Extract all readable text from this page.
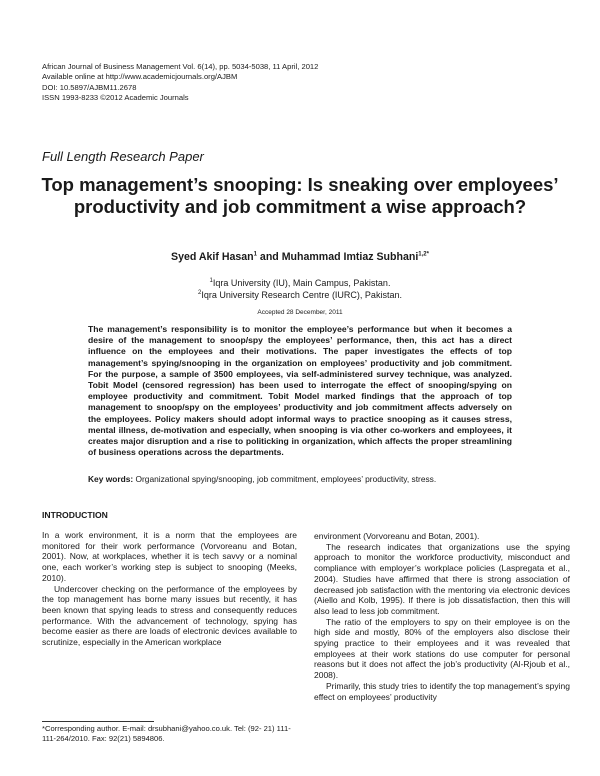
African Journal of Business Management Vol. 6(14), pp. 5034-5038, 11 April, 2012
Available online at http://www.academicjournals.org/AJBM
DOI: 10.5897/AJBM11.2678
ISSN 1993-8233 ©2012 Academic Journals
Full Length Research Paper
Top management’s snooping: Is sneaking over employees’ productivity and job commitment a wise approach?
Syed Akif Hasan$^1$ and Muhammad Imtiaz Subhani$^{1,2*}$
$^1$Iqra University (IU), Main Campus, Pakistan.
$^2$Iqra University Research Centre (IURC), Pakistan.
Accepted 28 December, 2011
The management’s responsibility is to monitor the employee’s performance but when it becomes a desire of the management to snoop/spy the employees’ performance, then, this act has a direct influence on the employees and their motivations. The paper investigates the effects of top management’s spying/snooping in the organization on employees’ productivity and job commitment. For the purpose, a sample of 3500 employees, via self-administered survey technique, was analyzed. Tobit Model (censored regression) has been used to interrogate the effect of snooping/spying on employee productivity and commitment. Tobit Model marked findings that the approach of top management to snoop/spy on the employees’ productivity and job commitment affects adversely on the employees. Policy makers should adopt informal ways to practice snooping as it causes stress, mental illness, de-motivation and especially, when snooping is via other co-workers and employees, it creates major disruption and a rise to politicking in organization, which affects the proper streamlining of business operations across the departments.
Key words: Organizational spying/snooping, job commitment, employees’ productivity, stress.
INTRODUCTION

In a work environment, it is a norm that the employees are monitored for their work performance (Vorvoreanu and Botan, 2001). Now, at workplaces, whether it is tech savvy or a nominal one, each worker’s working step is subject to snooping (Meeks, 2010).

Undercover checking on the performance of the employees by the top management has borne many issues but recently, it has been known that spying leads to stress and consequently reduces performance. With the advancement of technology, spying has become easier as there are loads of electronic devices available to scrutinize, especially in the American workplace

environment (Vorvoreanu and Botan, 2001).

The research indicates that organizations use the spying approach to monitor the workforce productivity, misconduct and compliance with employer’s workplace policies (Laspregata et al., 2004). Studies have affirmed that there is strong association of decreased job satisfaction with the mentoring via electronic devices (Aiello and Kolb, 1995). If there is job dissatisfaction, then this will also lead to less job commitment.

The ratio of the employers to spy on their employee is on the high side and mostly, 80% of the employers also disclose their spying practice to their employees and it was revealed that employees at their work stations do use computer for personal reasons but it does not affect the job’s productivity (Al-Rjoub et al., 2008).

Primarily, this study tries to identify the top management’s spying effect on employees’ productivity

*Corresponding author. E-mail: drsubhani@yahoo.co.uk. Tel: (92- 21) 111-111-264/2010. Fax: 92(21) 5894806.
